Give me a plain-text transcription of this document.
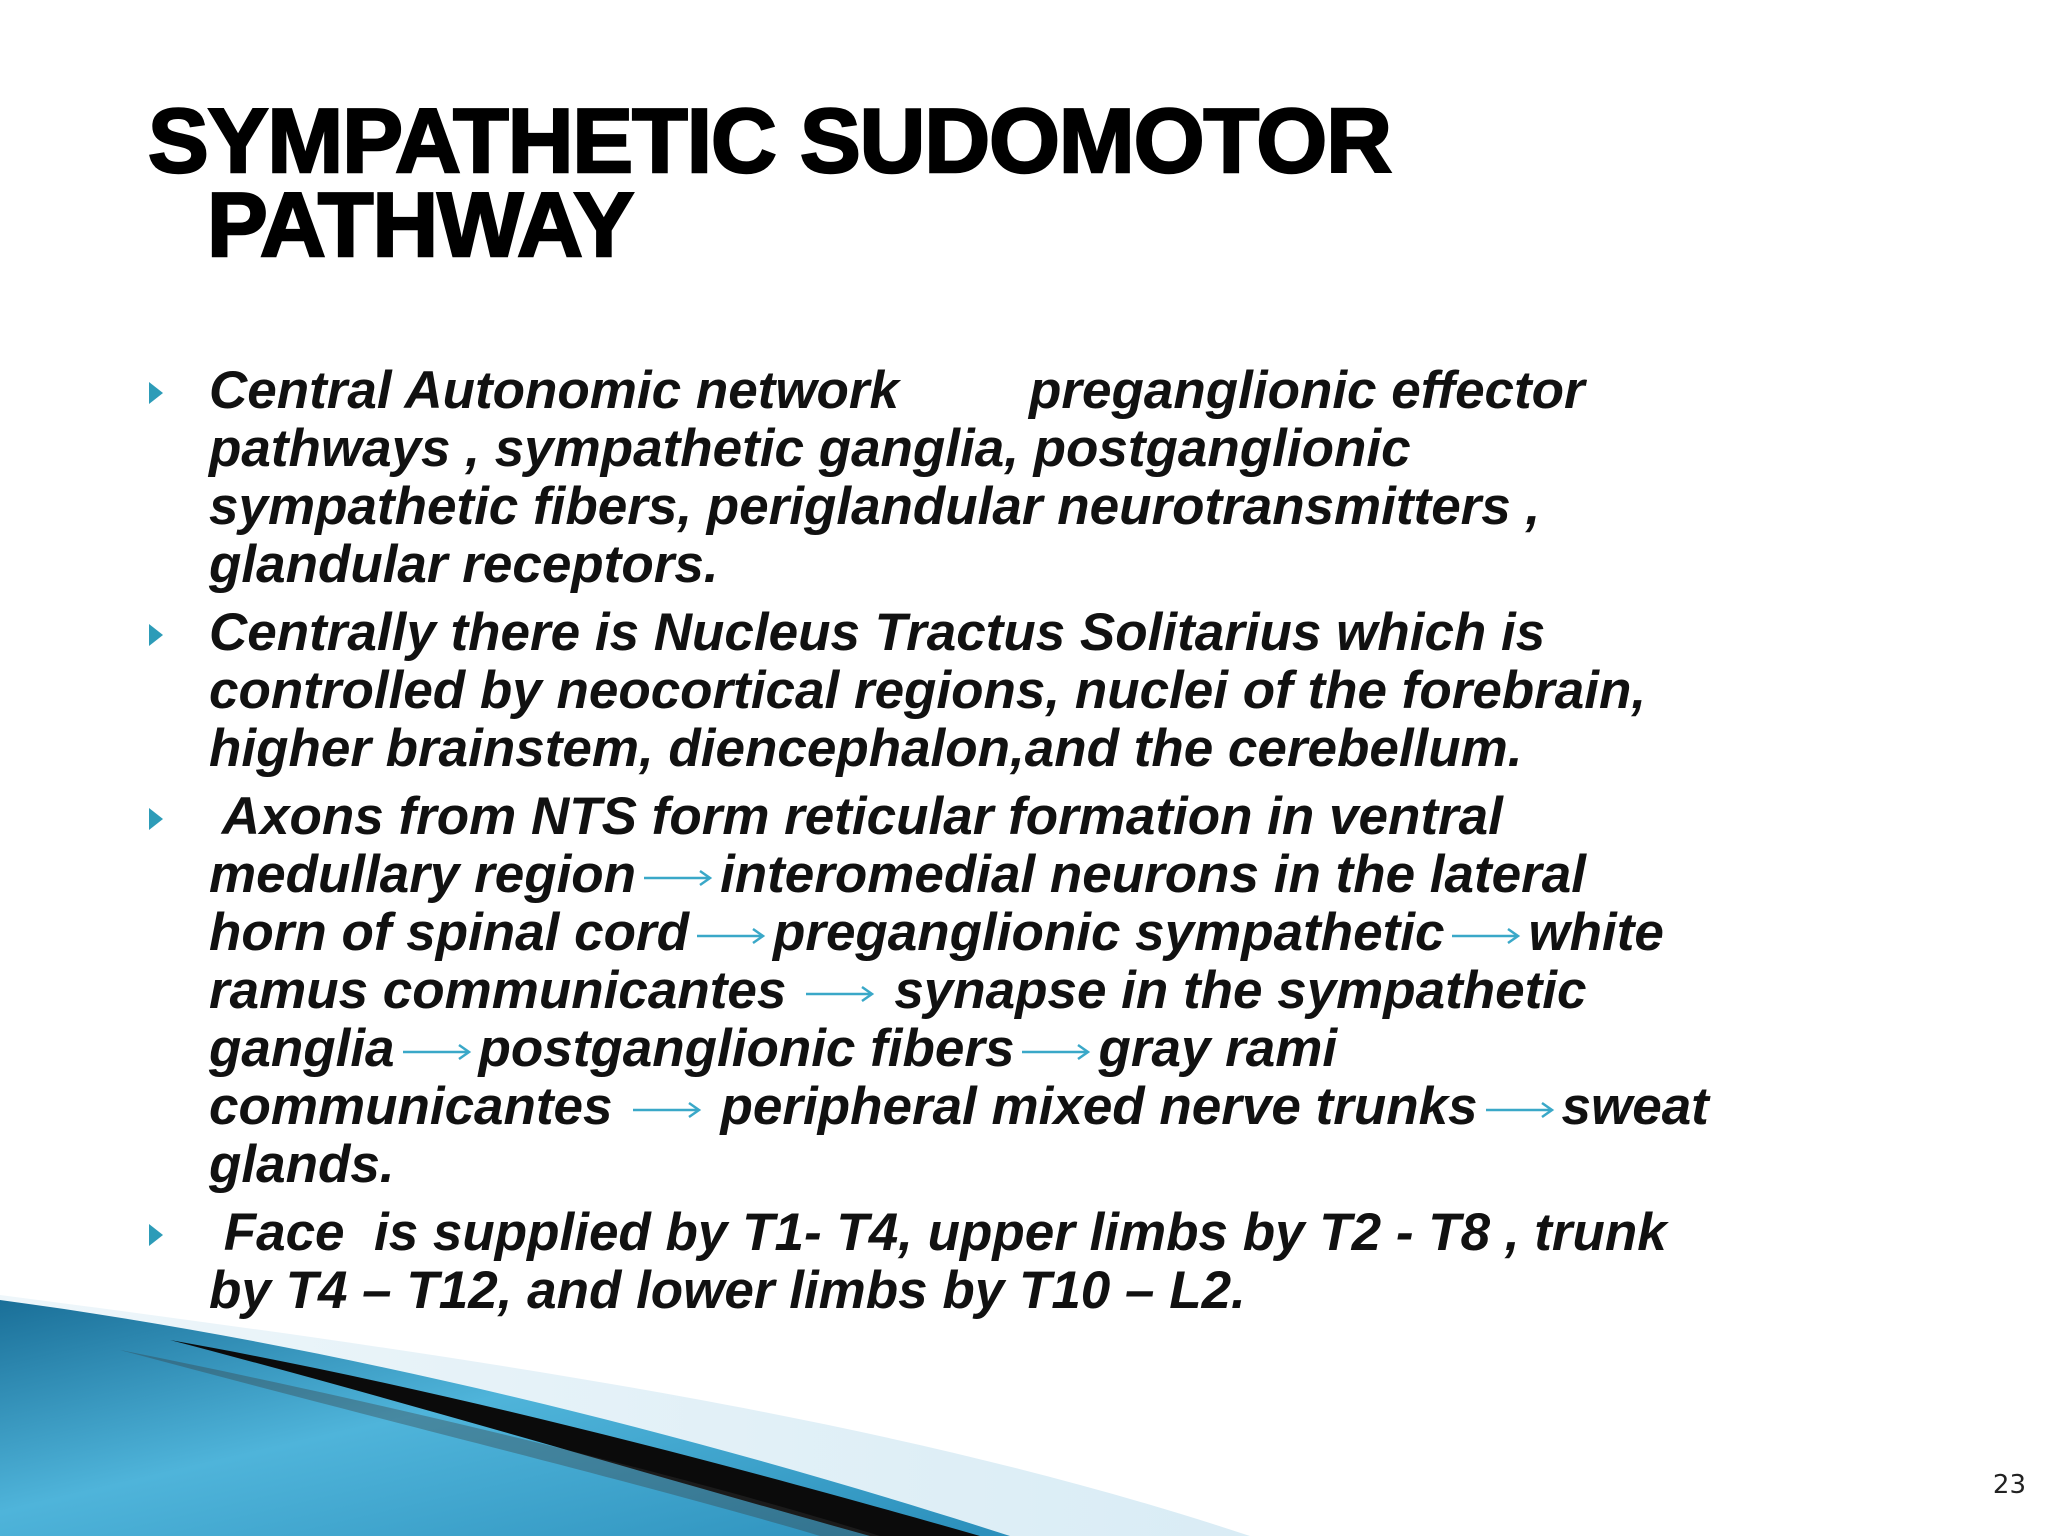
SYMPATHETIC SUDOMOTOR
PATHWAY
Central Autonomic network preganglionic effector
pathways , sympathetic ganglia, postganglionic
sympathetic fibers, periglandular neurotransmitters ,
glandular receptors.
Centrally there is Nucleus Tractus Solitarius which is
controlled by neocortical regions, nuclei of the forebrain,
higher brainstem, diencephalon,and the cerebellum.
Axons from NTS form reticular formation in ventral
medullary region interomedial neurons in the lateral
horn of spinal cord preganglionic sympathetic white
ramus communicantes synapse in the sympathetic
ganglia postganglionic fibers gray rami
communicantes peripheral mixed nerve trunks sweat
glands.
Face  is supplied by T1- T4, upper limbs by T2 - T8 , trunk
by T4 – T12, and lower limbs by T10 – L2.
23
